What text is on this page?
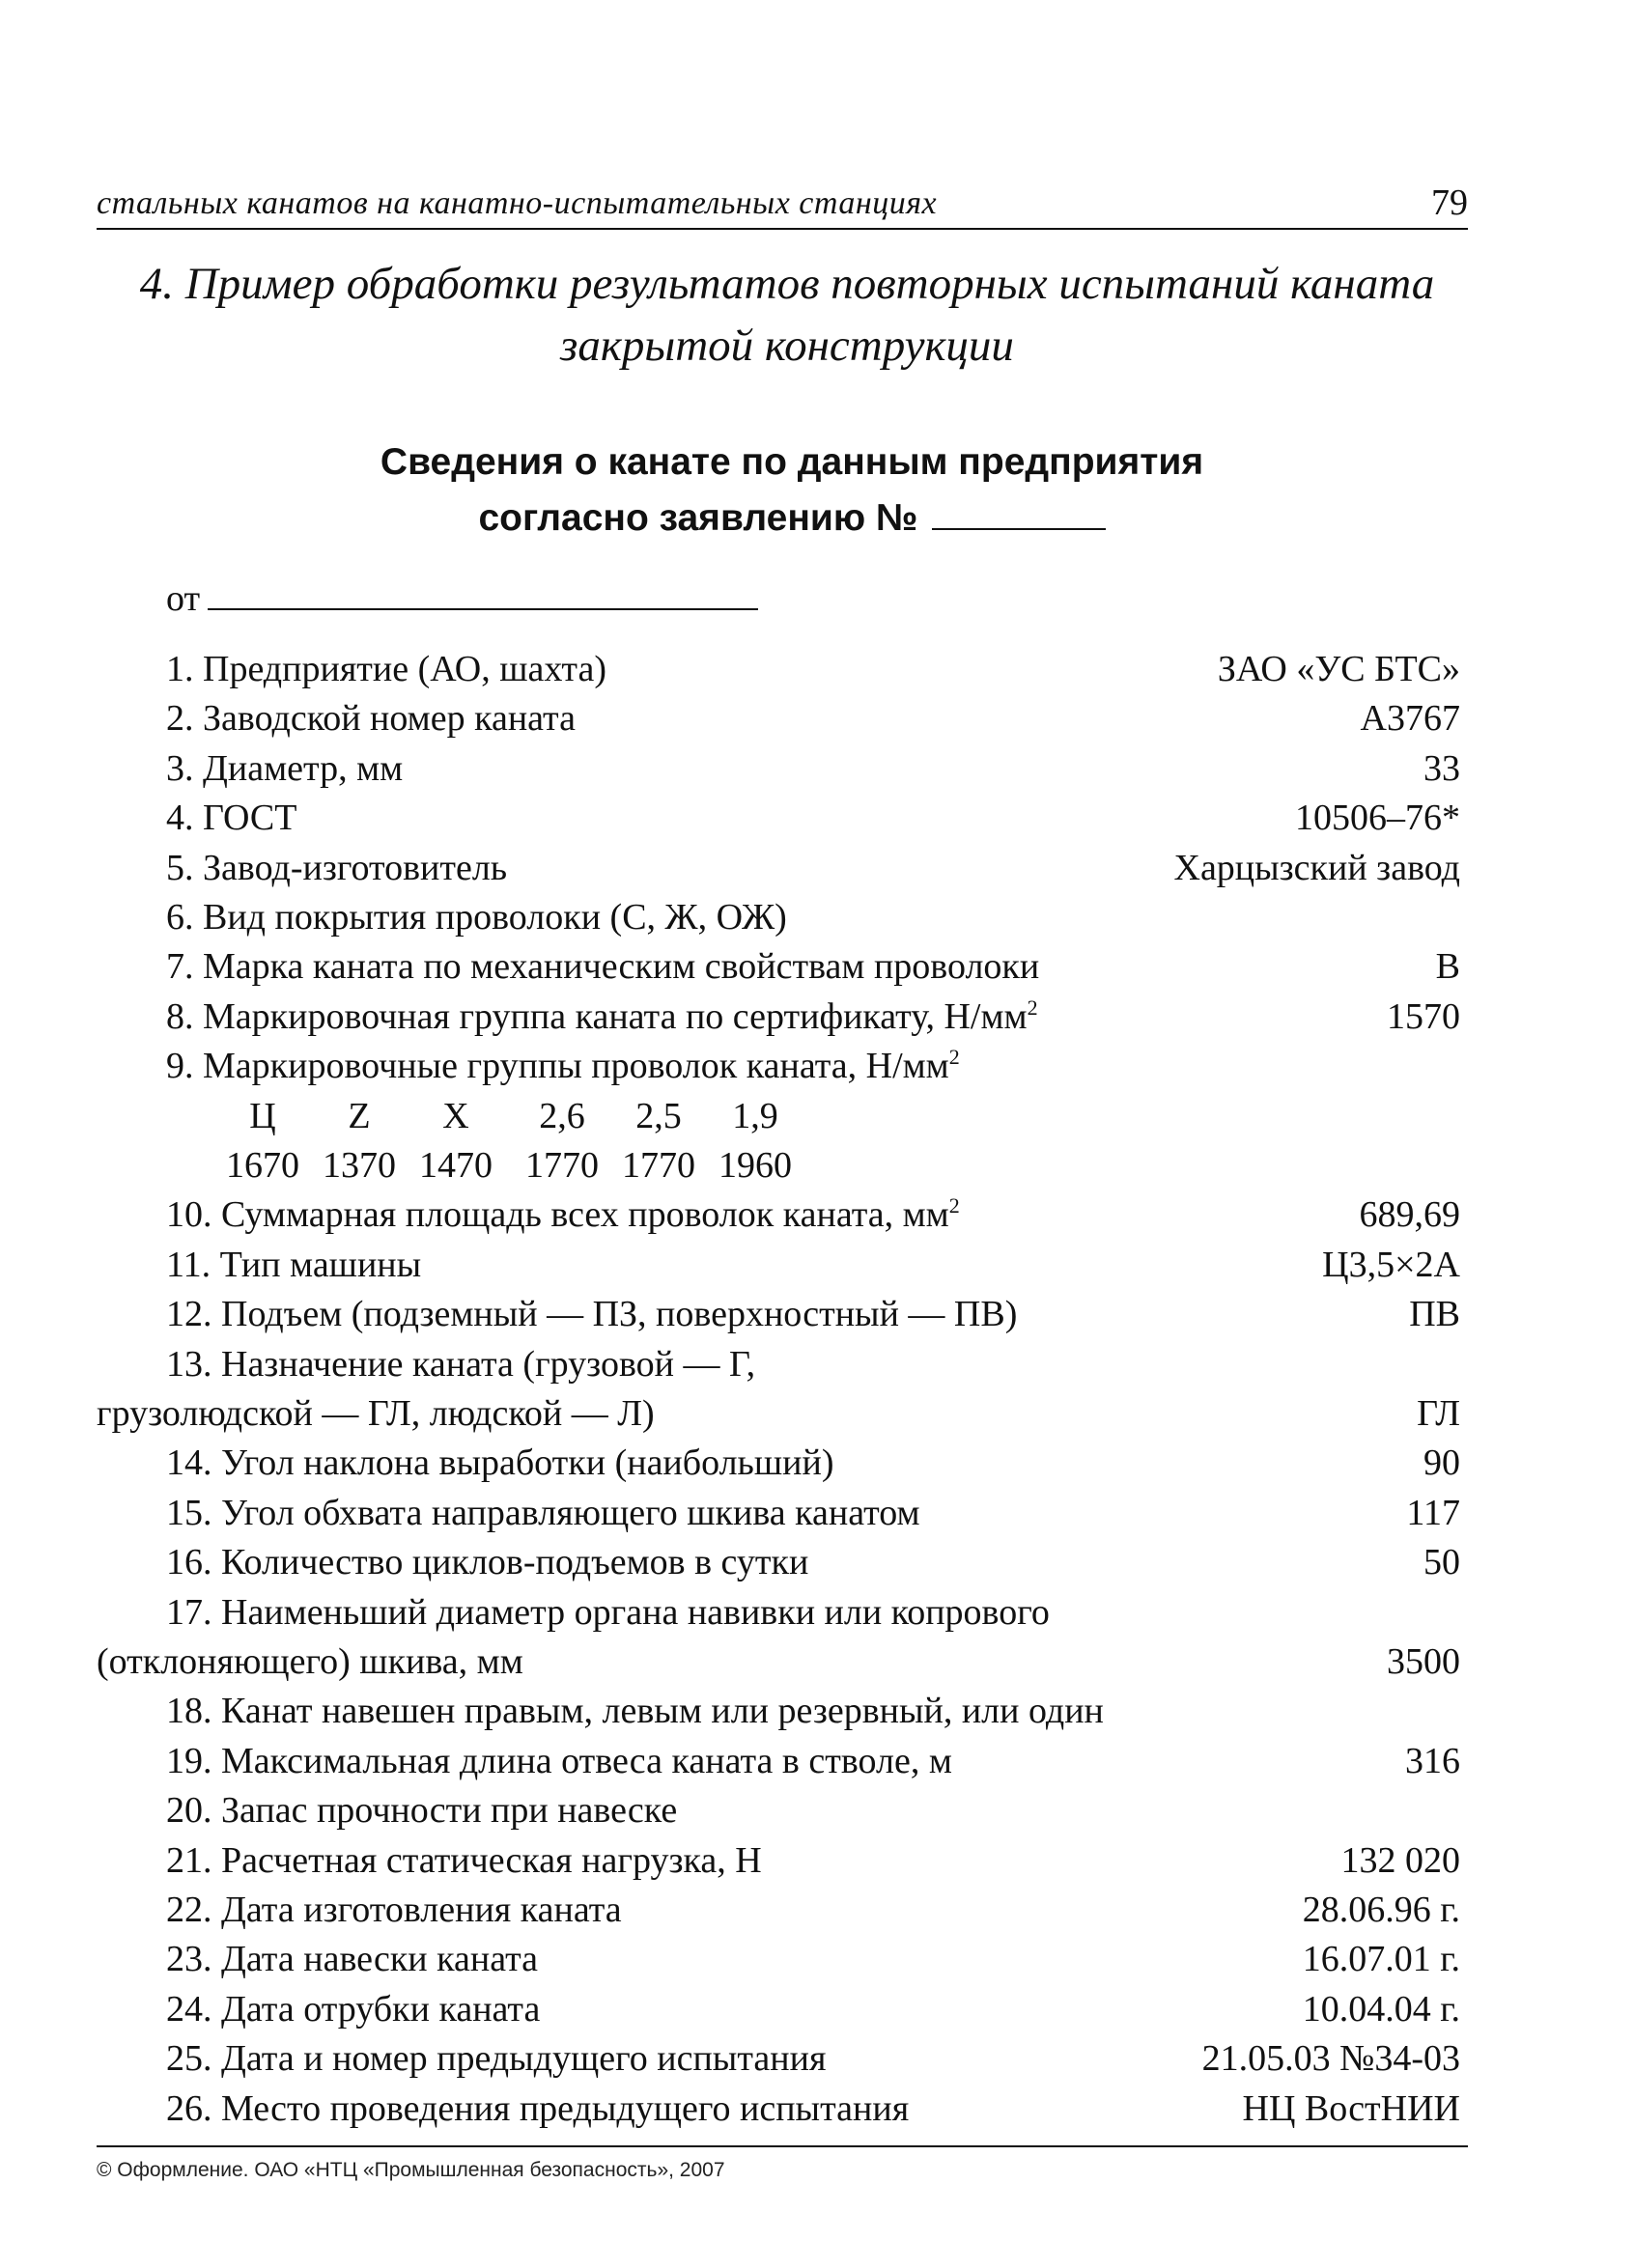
стальных канатов на канатно-испытательных станциях	79
4. Пример обработки результатов повторных испытаний каната
закрытой конструкции
Сведения о канате по данным предприятия
согласно заявлению №
от
1. Предприятие (АО, шахта)	ЗАО «УС БТС»
2. Заводской номер каната	А3767
3. Диаметр, мм	33
4. ГОСТ	10506–76*
5. Завод-изготовитель	Харцызский завод
6. Вид покрытия проволоки (С, Ж, ОЖ)
7. Марка каната по механическим свойствам проволоки	В
8. Маркировочная группа каната по сертификату, $Н/мм^2$	1570
9. Маркировочные группы проволок каната, $Н/мм^2$
Ц	Z	X	2,6	2,5	1,9
1670 1370 1470 1770 1770 1960
10. Суммарная площадь всех проволок каната, $мм^2$	689,69
11. Тип машины	Ц3,5×2А
12. Подъем (подземный — ПЗ, поверхностный — ПВ)	ПВ
13. Назначение каната (грузовой — Г,
грузолюдской — ГЛ, людской — Л)	ГЛ
14. Угол наклона выработки (наибольший)	90
15. Угол обхвата направляющего шкива канатом	117
16. Количество циклов-подъемов в сутки	50
17. Наименьший диаметр органа навивки или копрового
(отклоняющего) шкива, мм	3500
18. Канат навешен правым, левым или резервный, или один
19. Максимальная длина отвеса каната в стволе, м	316
20. Запас прочности при навеске
21. Расчетная статическая нагрузка, Н	132 020
22. Дата изготовления каната	28.06.96 г.
23. Дата навески каната	16.07.01 г.
24. Дата отрубки каната	10.04.04 г.
25. Дата и номер предыдущего испытания	21.05.03 №34-03
26. Место проведения предыдущего испытания	НЦ ВостНИИ
© Оформление. ОАО «НТЦ «Промышленная безопасность», 2007
